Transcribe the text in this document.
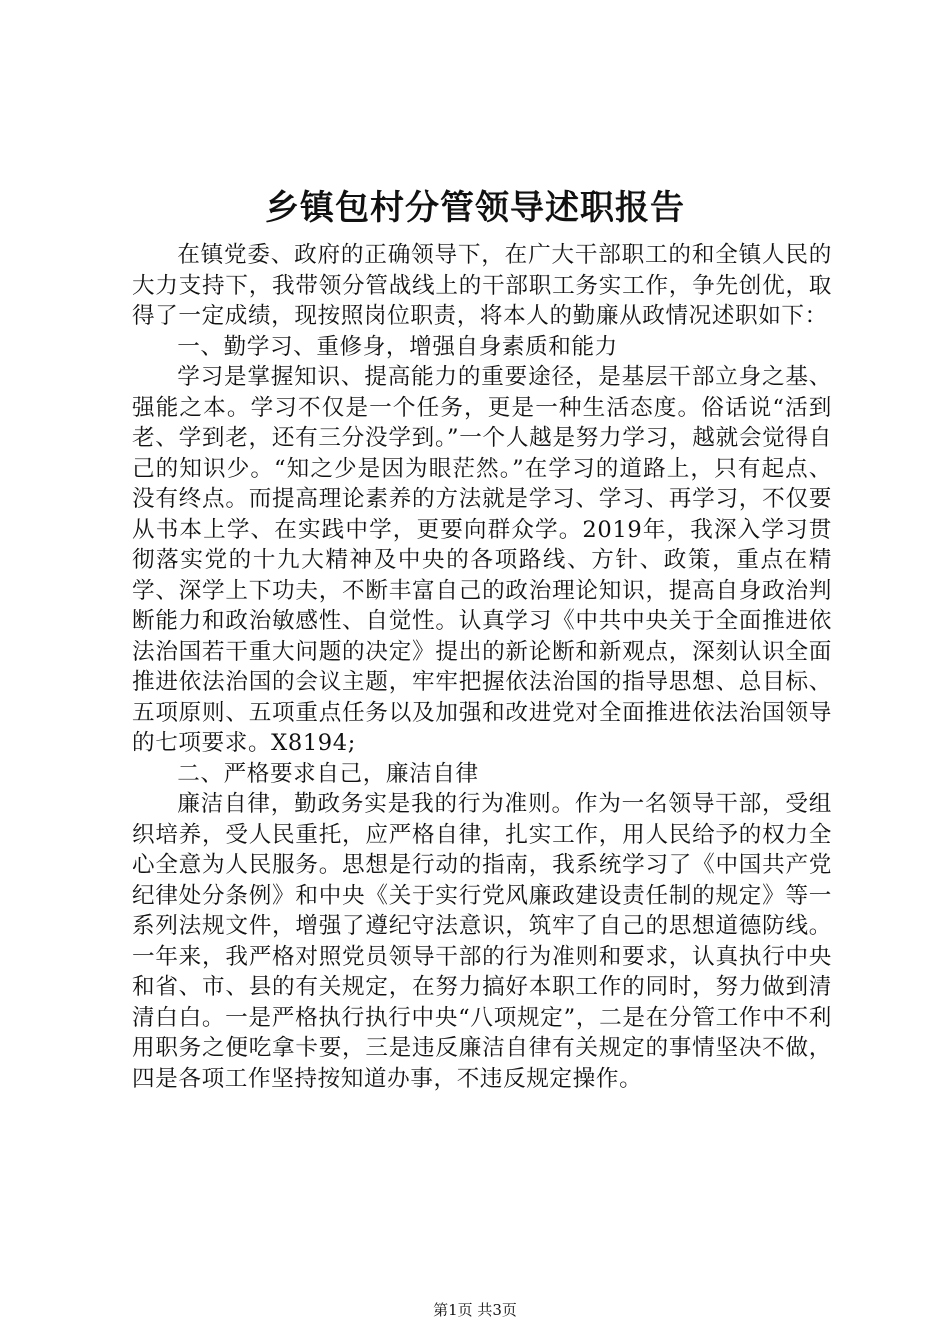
乡镇包村分管领导述职报告

在镇党委、政府的正确领导下，在广大干部职工的和全镇人民的大力支持下，我带领分管战线上的干部职工务实工作，争先创优，取得了一定成绩，现按照岗位职责，将本人的勤廉从政情况述职如下：

一、勤学习、重修身，增强自身素质和能力

学习是掌握知识、提高能力的重要途径，是基层干部立身之基、强能之本。学习不仅是一个任务，更是一种生活态度。俗话说“活到老、学到老，还有三分没学到。”一个人越是努力学习，越就会觉得自己的知识少。“知之少是因为眼茫然。”在学习的道路上，只有起点、没有终点。而提高理论素养的方法就是学习、学习、再学习，不仅要从书本上学、在实践中学，更要向群众学。2019年，我深入学习贯彻落实党的十九大精神及中央的各项路线、方针、政策，重点在精学、深学上下功夫，不断丰富自己的政治理论知识，提高自身政治判断能力和政治敏感性、自觉性。认真学习《中共中央关于全面推进依法治国若干重大问题的决定》提出的新论断和新观点，深刻认识全面推进依法治国的会议主题，牢牢把握依法治国的指导思想、总目标、五项原则、五项重点任务以及加强和改进党对全面推进依法治国领导的七项要求。X8194;

二、严格要求自己，廉洁自律

廉洁自律，勤政务实是我的行为准则。作为一名领导干部，受组织培养，受人民重托，应严格自律，扎实工作，用人民给予的权力全心全意为人民服务。思想是行动的指南，我系统学习了《中国共产党纪律处分条例》和中央《关于实行党风廉政建设责任制的规定》等一系列法规文件，增强了遵纪守法意识，筑牢了自己的思想道德防线。一年来，我严格对照党员领导干部的行为准则和要求，认真执行中央和省、市、县的有关规定，在努力搞好本职工作的同时，努力做到清清白白。一是严格执行执行中央“八项规定”，二是在分管工作中不利用职务之便吃拿卡要，三是违反廉洁自律有关规定的事情坚决不做，四是各项工作坚持按知道办事，不违反规定操作。

第1页 共3页
